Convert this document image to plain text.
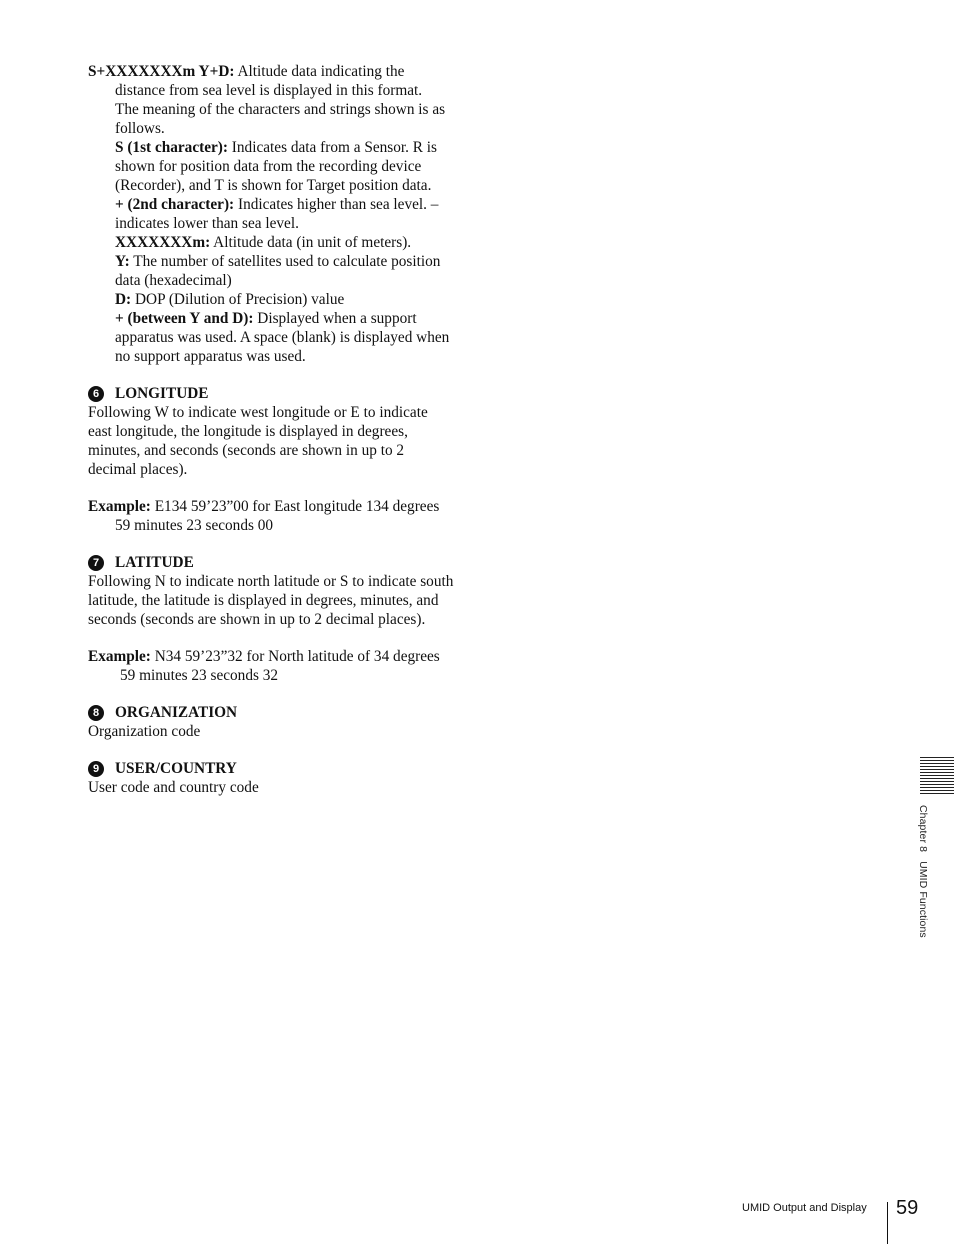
S+XXXXXXXm Y+D: Altitude data indicating the

distance from sea level is displayed in this format.

The meaning of the characters and strings shown is as

follows.

S (1st character): Indicates data from a Sensor. R is

shown for position data from the recording device

(Recorder), and T is shown for Target position data.

+ (2nd character): Indicates higher than sea level. –

indicates lower than sea level.

XXXXXXXm: Altitude data (in unit of meters).

Y: The number of satellites used to calculate position

data (hexadecimal)

D: DOP (Dilution of Precision) value

+ (between Y and D): Displayed when a support

apparatus was used. A space (blank) is displayed when

no support apparatus was used.

6	LONGITUDE

Following W to indicate west longitude or E to indicate

east longitude, the longitude is displayed in degrees,

minutes, and seconds (seconds are shown in up to 2

decimal places).

Example: E134 59’23”00 for East longitude 134 degrees

59 minutes 23 seconds 00

7	LATITUDE

Following N to indicate north latitude or S to indicate south

latitude, the latitude is displayed in degrees, minutes, and

seconds (seconds are shown in up to 2 decimal places).

Example: N34 59’23”32 for North latitude of 34 degrees

59 minutes 23 seconds 32

8	ORGANIZATION

Organization code

9	USER/COUNTRY

User code and country code

Chapter 8   UMID Functions
UMID Output and Display 59
